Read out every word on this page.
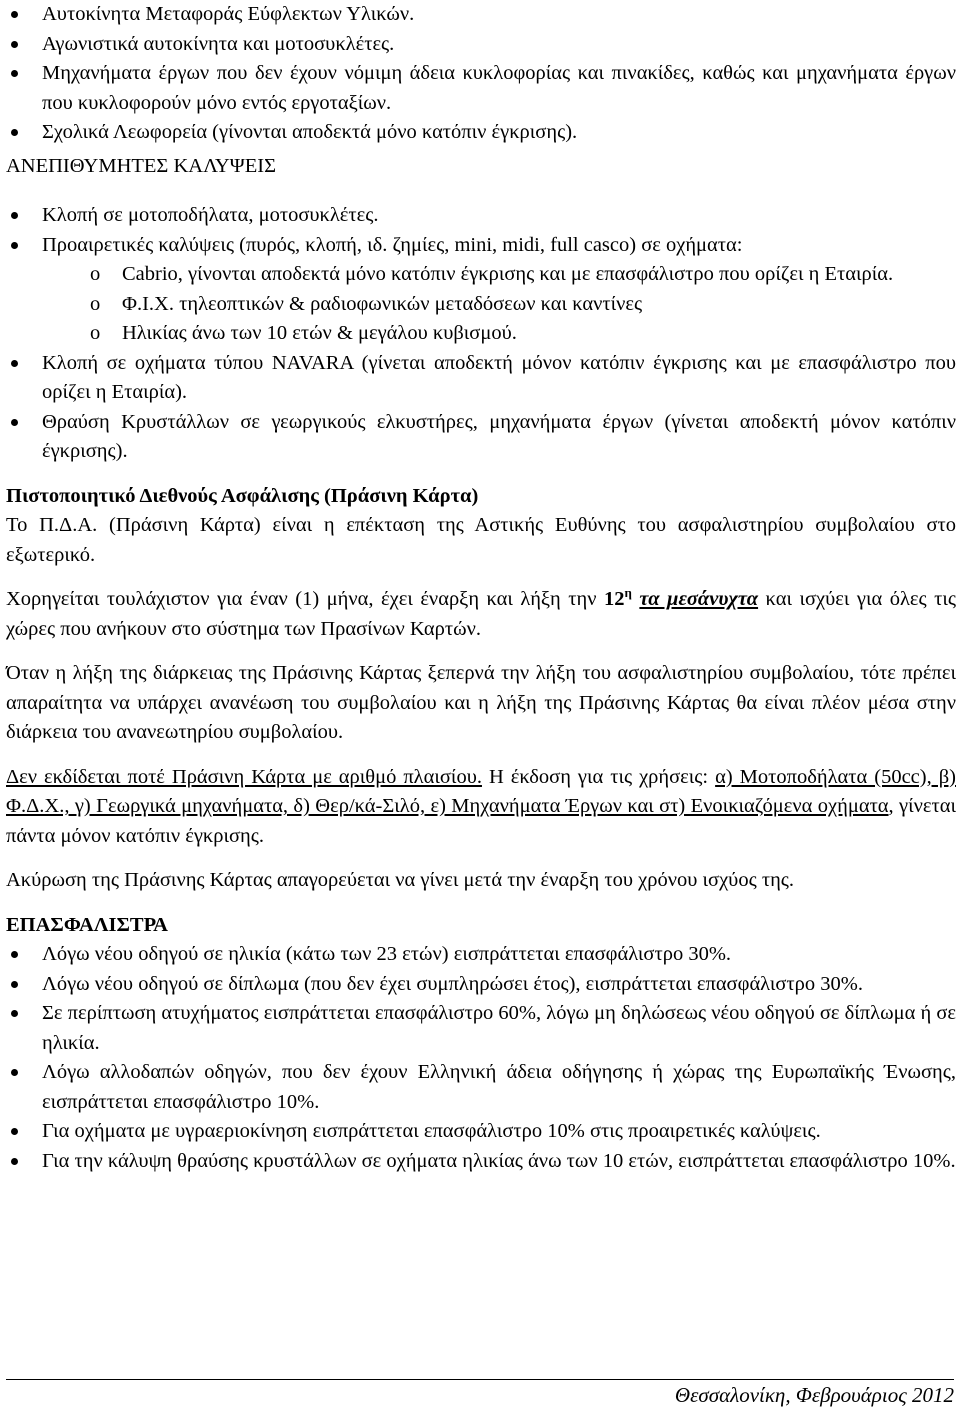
Αυτοκίνητα Μεταφοράς Εύφλεκτων Υλικών.
Αγωνιστικά αυτοκίνητα και μοτοσυκλέτες.
Μηχανήματα έργων που δεν έχουν νόμιμη άδεια κυκλοφορίας και πινακίδες, καθώς και μηχανήματα έργων που κυκλοφορούν μόνο εντός εργοταξίων.
Σχολικά Λεωφορεία (γίνονται αποδεκτά μόνο κατόπιν έγκρισης).

ΑΝΕΠΙΘΥΜΗΤΕΣ ΚΑΛΥΨΕΙΣ

Κλοπή σε μοτοποδήλατα, μοτοσυκλέτες.
Προαιρετικές καλύψεις (πυρός, κλοπή, ιδ. ζημίες, mini, midi, full casco) σε οχήματα:
o Cabrio, γίνονται αποδεκτά μόνο κατόπιν έγκρισης και με επασφάλιστρο που ορίζει η Εταιρία.
o Φ.Ι.Χ. τηλεοπτικών & ραδιοφωνικών μεταδόσεων και καντίνες
o Ηλικίας άνω των 10 ετών & μεγάλου κυβισμού.
Κλοπή σε οχήματα τύπου NAVARA (γίνεται αποδεκτή μόνον κατόπιν έγκρισης και με επασφάλιστρο που ορίζει η Εταιρία).
Θραύση Κρυστάλλων σε γεωργικούς ελκυστήρες, μηχανήματα έργων (γίνεται αποδεκτή μόνον κατόπιν έγκρισης).

Πιστοποιητικό Διεθνούς Ασφάλισης (Πράσινη Κάρτα)

Το Π.Δ.Α. (Πράσινη Κάρτα) είναι η επέκταση της Αστικής Ευθύνης του ασφαλιστηρίου συμβολαίου στο εξωτερικό.

Χορηγείται τουλάχιστον για έναν (1) μήνα, έχει έναρξη και λήξη την $12^\eta$ τα μεσάνυχτα και ισχύει για όλες τις χώρες που ανήκουν στο σύστημα των Πρασίνων Καρτών.

Όταν η λήξη της διάρκειας της Πράσινης Κάρτας ξεπερνά την λήξη του ασφαλιστηρίου συμβολαίου, τότε πρέπει απαραίτητα να υπάρχει ανανέωση του συμβολαίου και η λήξη της Πράσινης Κάρτας θα είναι πλέον μέσα στην διάρκεια του ανανεωτηρίου συμβολαίου.

Δεν εκδίδεται ποτέ Πράσινη Κάρτα με αριθμό πλαισίου. Η έκδοση για τις χρήσεις: α) Μοτοποδήλατα (50cc), β) Φ.Δ.Χ., γ) Γεωργικά μηχανήματα, δ) Θερ/κά-Σιλό, ε) Μηχανήματα Έργων και στ) Ενοικιαζόμενα οχήματα, γίνεται πάντα μόνον κατόπιν έγκρισης.

Ακύρωση της Πράσινης Κάρτας απαγορεύεται να γίνει μετά την έναρξη του χρόνου ισχύος της.

ΕΠΑΣΦΑΛΙΣΤΡΑ

Λόγω νέου οδηγού σε ηλικία (κάτω των 23 ετών) εισπράττεται επασφάλιστρο 30%.
Λόγω νέου οδηγού σε δίπλωμα (που δεν έχει συμπληρώσει έτος), εισπράττεται επασφάλιστρο 30%.
Σε περίπτωση ατυχήματος εισπράττεται επασφάλιστρο 60%, λόγω μη δηλώσεως νέου οδηγού σε δίπλωμα ή σε ηλικία.
Λόγω αλλοδαπών οδηγών, που δεν έχουν Ελληνική άδεια οδήγησης ή χώρας της Ευρωπαϊκής Ένωσης, εισπράττεται επασφάλιστρο 10%.
Για οχήματα με υγραεριοκίνηση εισπράττεται επασφάλιστρο 10% στις προαιρετικές καλύψεις.
Για την κάλυψη θραύσης κρυστάλλων σε οχήματα ηλικίας άνω των 10 ετών, εισπράττεται επασφάλιστρο 10%.
Θεσσαλονίκη, Φεβρουάριος 2012
